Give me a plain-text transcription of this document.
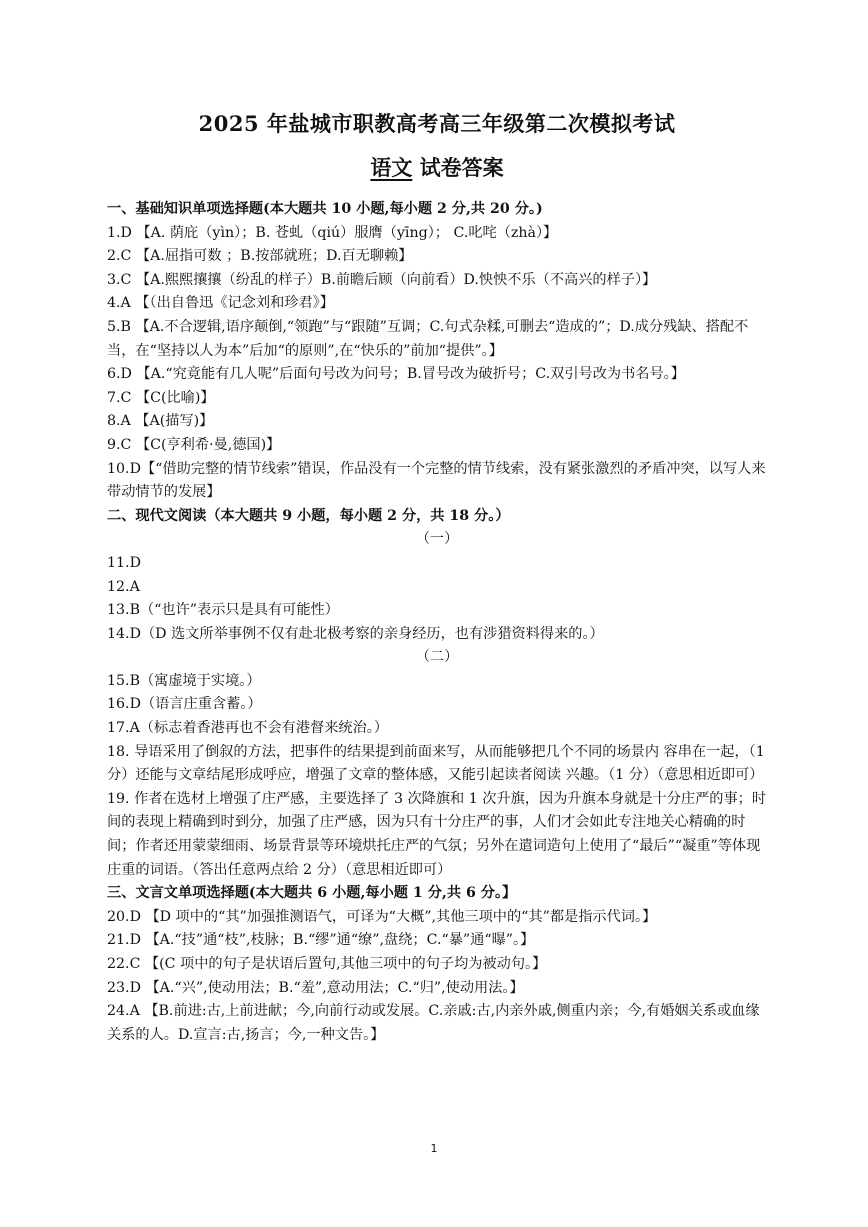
2025 年盐城市职教高考高三年级第二次模拟考试
语文 试卷答案

一、基础知识单项选择题(本大题共 10 小题,每小题 2 分,共 20 分。)

1.D 【A. 荫庇（yìn）；B. 苍虬（qiú）服膺（yīng）； C.叱咤（zhà）】

2.C 【A.屈指可数 ；B.按部就班；D.百无聊赖】

3.C 【A.熙熙攘攘（纷乱的样子）B.前瞻后顾（向前看）D.怏怏不乐（不高兴的样子）】

4.A 【（出自鲁迅《记念刘和珍君》】

5.B 【A.不合逻辑,语序颠倒,“领跑”与“跟随”互调；C.句式杂糅,可删去“造成的”；D.成分残缺、搭配不当，在“坚持以人为本”后加“的原则”,在“快乐的”前加“提供”。】

6.D 【A.“究竟能有几人呢”后面句号改为问号；B.冒号改为破折号；C.双引号改为书名号。】

7.C 【C(比喻)】

8.A 【A(描写)】

9.C 【C(亨利希·曼,德国)】

10.D【“借助完整的情节线索”错误，作品没有一个完整的情节线索，没有紧张激烈的矛盾冲突，以写人来带动情节的发展】

二、现代文阅读（本大题共 9 小题，每小题 2 分，共 18 分。）

（一）

11.D

12.A

13.B（“也许”表示只是具有可能性）

14.D（D 选文所举事例不仅有赴北极考察的亲身经历，也有涉猎资料得来的。）

（二）

15.B（寓虚境于实境。）

16.D（语言庄重含蓄。）

17.A（标志着香港再也不会有港督来统治。）

18. 导语采用了倒叙的方法，把事件的结果提到前面来写，从而能够把几个不同的场景内 容串在一起，（1 分）还能与文章结尾形成呼应，增强了文章的整体感，又能引起读者阅读 兴趣。（1 分）（意思相近即可）

19. 作者在选材上增强了庄严感，主要选择了 3 次降旗和 1 次升旗，因为升旗本身就是十分庄严的事；时间的表现上精确到时到分，加强了庄严感，因为只有十分庄严的事，人们才会如此专注地关心精确的时间；作者还用蒙蒙细雨、场景背景等环境烘托庄严的气氛；另外在遣词造句上使用了“最后”“凝重”等体现庄重的词语。（答出任意两点给 2 分）（意思相近即可）

三、文言文单项选择题(本大题共 6 小题,每小题 1 分,共 6 分。】

20.D 【D 项中的“其”加强推测语气，可译为“大概”,其他三项中的“其”都是指示代词。】

21.D 【A.“技”通“枝”,枝脉；B.“缪”通“缭”,盘绕；C.“暴”通“曝”。】

22.C 【(C 项中的句子是状语后置句,其他三项中的句子均为被动句。】

23.D 【A.“兴”,使动用法；B.“羞”,意动用法；C.“归”,使动用法。】

24.A 【B.前进:古,上前进献；今,向前行动或发展。C.亲戚:古,内亲外戚,侧重内亲；今,有婚姻关系或血缘关系的人。D.宣言:古,扬言；今,一种文告。】

1
